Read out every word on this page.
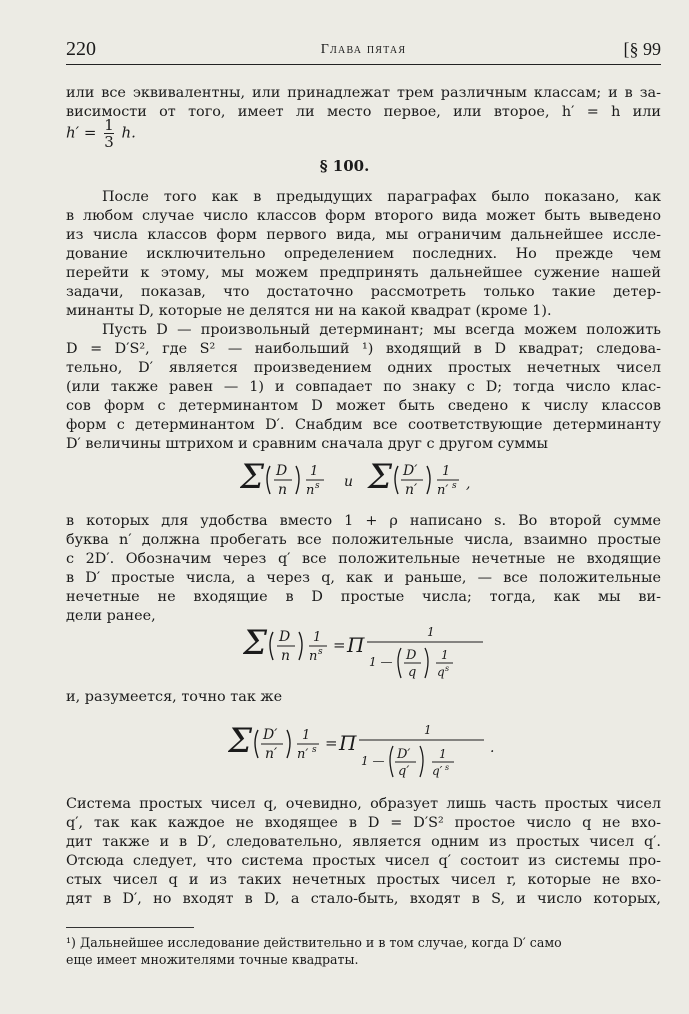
220	Глава пятая	[§ 99
или все эквивалентны, или принадлежат трем различным классам; и в за-
висимости от того, имеет ли место первое, или второе, h′ = h или
$h' = \frac{1}{3} h$.
§ 100.
После того как в предыдущих параграфах было показано, как
в любом случае число классов форм второго вида может быть выведено
из числа классов форм первого вида, мы ограничим дальнейшее иссле-
дование исключительно определением последних. Но прежде чем
перейти к этому, мы можем предпринять дальнейшее сужение нашей
задачи, показав, что достаточно рассмотреть только такие детер-
минанты D, которые не делятся ни на какой квадрат (кроме 1).
Пусть D — произвольный детерминант; мы всегда можем положить
D = D′S², где S² — наибольший ¹) входящий в D квадрат; следова-
тельно, D′ является произведением одних простых нечетных чисел
(или также равен — 1) и совпадает по знаку с D; тогда число клас-
сов форм с детерминантом D может быть сведено к числу классов
форм с детерминантом D′. Снабдим все соответствующие детерминанту
D′ величины штрихом и сравним сначала друг с другом суммы
Σ D
n
1
n s и Σ D′
n′
1
n′ s ,
в которых для удобства вместо 1 + ρ написано s. Во второй сумме
буква n′ должна пробегать все положительные числа, взаимно простые
с 2D′. Обозначим через q′ все положительные нечетные не входящие
в D′ простые числа, а через q, как и раньше, — все положительные
нечетные не входящие в D простые числа; тогда, как мы ви-
дели ранее,
Σ D
n
1
n s = Π
1
1 — D
q
1
q s
и, разумеется, точно так же
Σ D′
n′
1
n′ s = Π
1
1 — D′
q′
1
q′ s
.
Система простых чисел q, очевидно, образует лишь часть простых чисел
¹) Дальнейшее исследование действительно и в том случае, когда D′ само
еще имеет множителями точные квадраты.
q′, так как каждое не входящее в D = D′S² простое число q не вхо-
дит также и в D′, следовательно, является одним из простых чисел q′.
Отсюда следует, что система простых чисел q′ состоит из системы про-
стых чисел q и из таких нечетных простых чисел r, которые не вхо-
дят в D′, но входят в D, а стало-быть, входят в S, и число которых,
